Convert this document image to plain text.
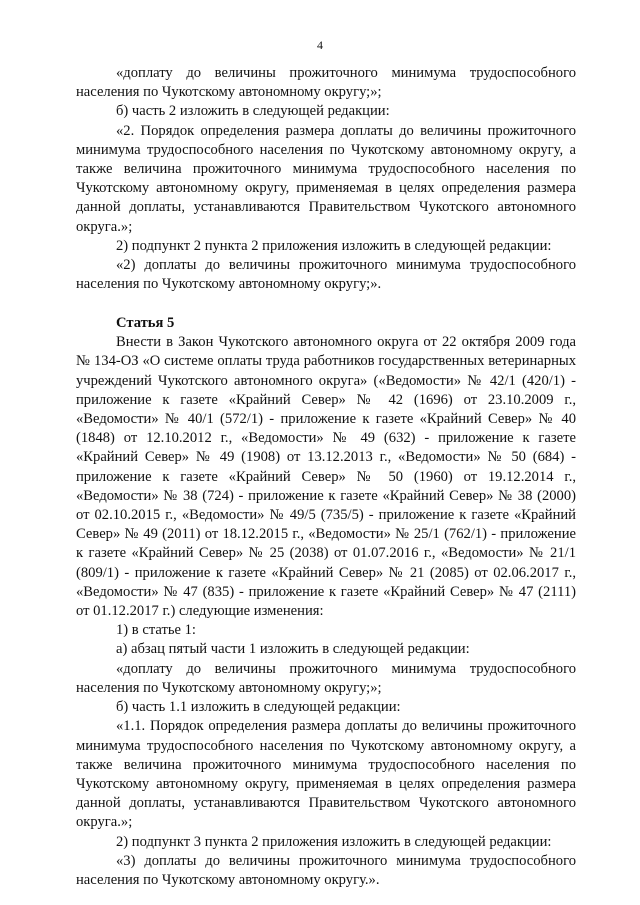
4

«доплату до величины прожиточного минимума трудоспособного населения по Чукотскому автономному округу;»;

б) часть 2 изложить в следующей редакции:

«2. Порядок определения размера доплаты до величины прожиточного минимума трудоспособного населения по Чукотскому автономному округу, а также величина прожиточного минимума трудоспособного населения по Чукотскому автономному округу, применяемая в целях определения размера данной доплаты, устанавливаются Правительством Чукотского автономного округа.»;

2) подпункт 2 пункта 2 приложения изложить в следующей редакции:

«2) доплаты до величины прожиточного минимума трудоспособного населения по Чукотскому автономному округу;».

Статья 5

Внести в Закон Чукотского автономного округа от 22 октября 2009 года № 134-ОЗ «О системе оплаты труда работников государственных ветеринарных учреждений Чукотского автономного округа» («Ведомости» № 42/1 (420/1) - приложение к газете «Крайний Север» № 42 (1696) от 23.10.2009 г., «Ведомости» № 40/1 (572/1) - приложение к газете «Крайний Север» № 40 (1848) от 12.10.2012 г., «Ведомости» № 49 (632) - приложение к газете «Крайний Север» № 49 (1908) от 13.12.2013 г., «Ведомости» № 50 (684) - приложение к газете «Крайний Север» № 50 (1960) от 19.12.2014 г., «Ведомости» № 38 (724) - приложение к газете «Крайний Север» № 38 (2000) от 02.10.2015 г., «Ведомости» № 49/5 (735/5) - приложение к газете «Крайний Север» № 49 (2011) от 18.12.2015 г., «Ведомости» № 25/1 (762/1) - приложение к газете «Крайний Север» № 25 (2038) от 01.07.2016 г., «Ведомости» № 21/1 (809/1) - приложение к газете «Крайний Север» № 21 (2085) от 02.06.2017 г., «Ведомости» № 47 (835) - приложение к газете «Крайний Север» № 47 (2111) от 01.12.2017 г.) следующие изменения:

1) в статье 1:

а) абзац пятый части 1 изложить в следующей редакции:

«доплату до величины прожиточного минимума трудоспособного населения по Чукотскому автономному округу;»;

б) часть 1.1 изложить в следующей редакции:

«1.1. Порядок определения размера доплаты до величины прожиточного минимума трудоспособного населения по Чукотскому автономному округу, а также величина прожиточного минимума трудоспособного населения по Чукотскому автономному округу, применяемая в целях определения размера данной доплаты, устанавливаются Правительством Чукотского автономного округа.»;

2) подпункт 3 пункта 2 приложения изложить в следующей редакции:

«3) доплаты до величины прожиточного минимума трудоспособного населения по Чукотскому автономному округу.».
